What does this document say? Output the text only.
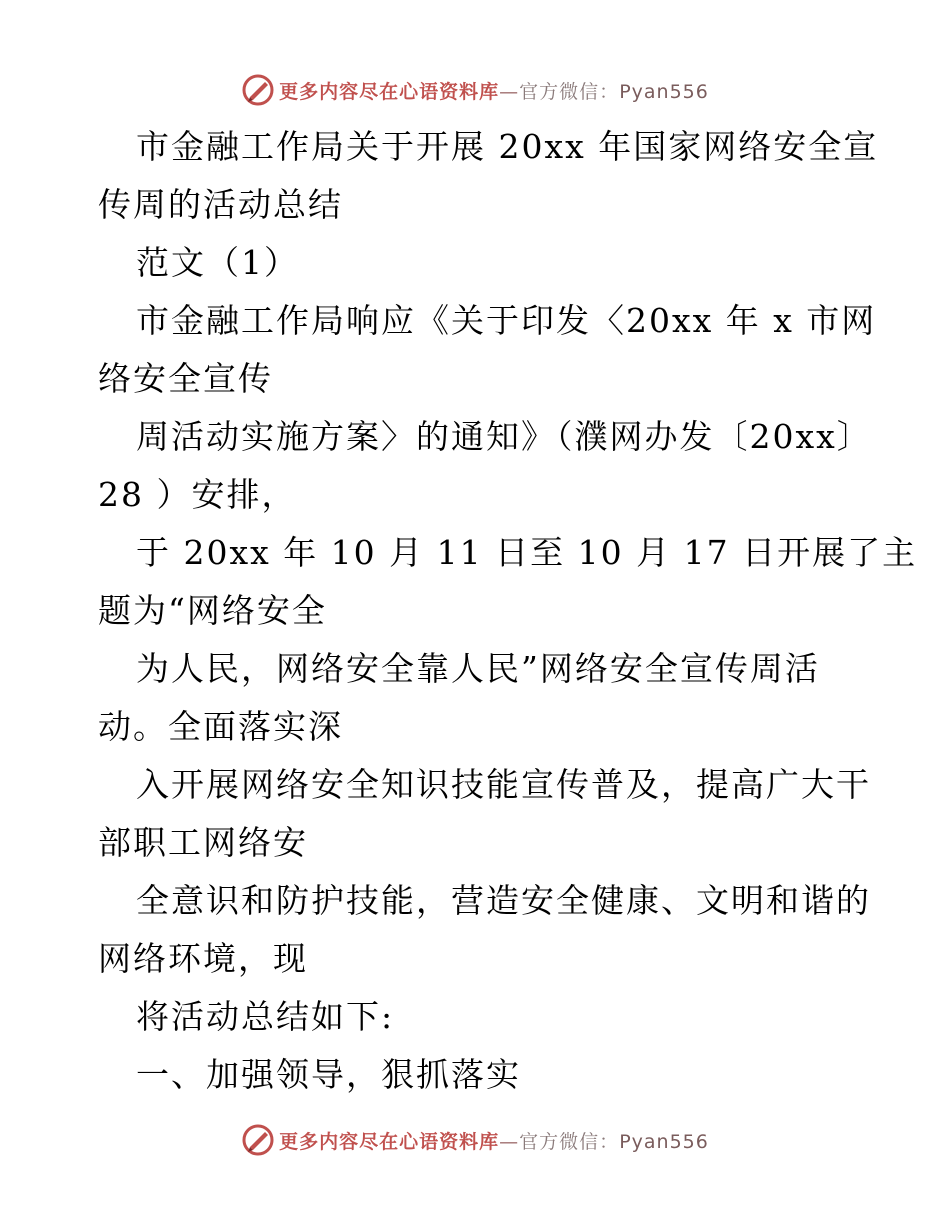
更多内容尽在心语资料库—官方微信：Pyan556
市金融工作局关于开展 20xx 年国家网络安全宣
传周的活动总结
范文（1）
市金融工作局响应《关于印发〈20xx 年 x 市网
络安全宣传
周活动实施方案〉的通知》（濮网办发〔20xx〕
28 ）安排，
于 20xx 年 10 月 11 日至 10 月 17 日开展了主
题为“网络安全
为人民，网络安全靠人民”网络安全宣传周活
动。全面落实深
入开展网络安全知识技能宣传普及，提高广大干
部职工网络安
全意识和防护技能，营造安全健康、文明和谐的
网络环境，现
将活动总结如下:
一、加强领导，狠抓落实
更多内容尽在心语资料库—官方微信：Pyan556
